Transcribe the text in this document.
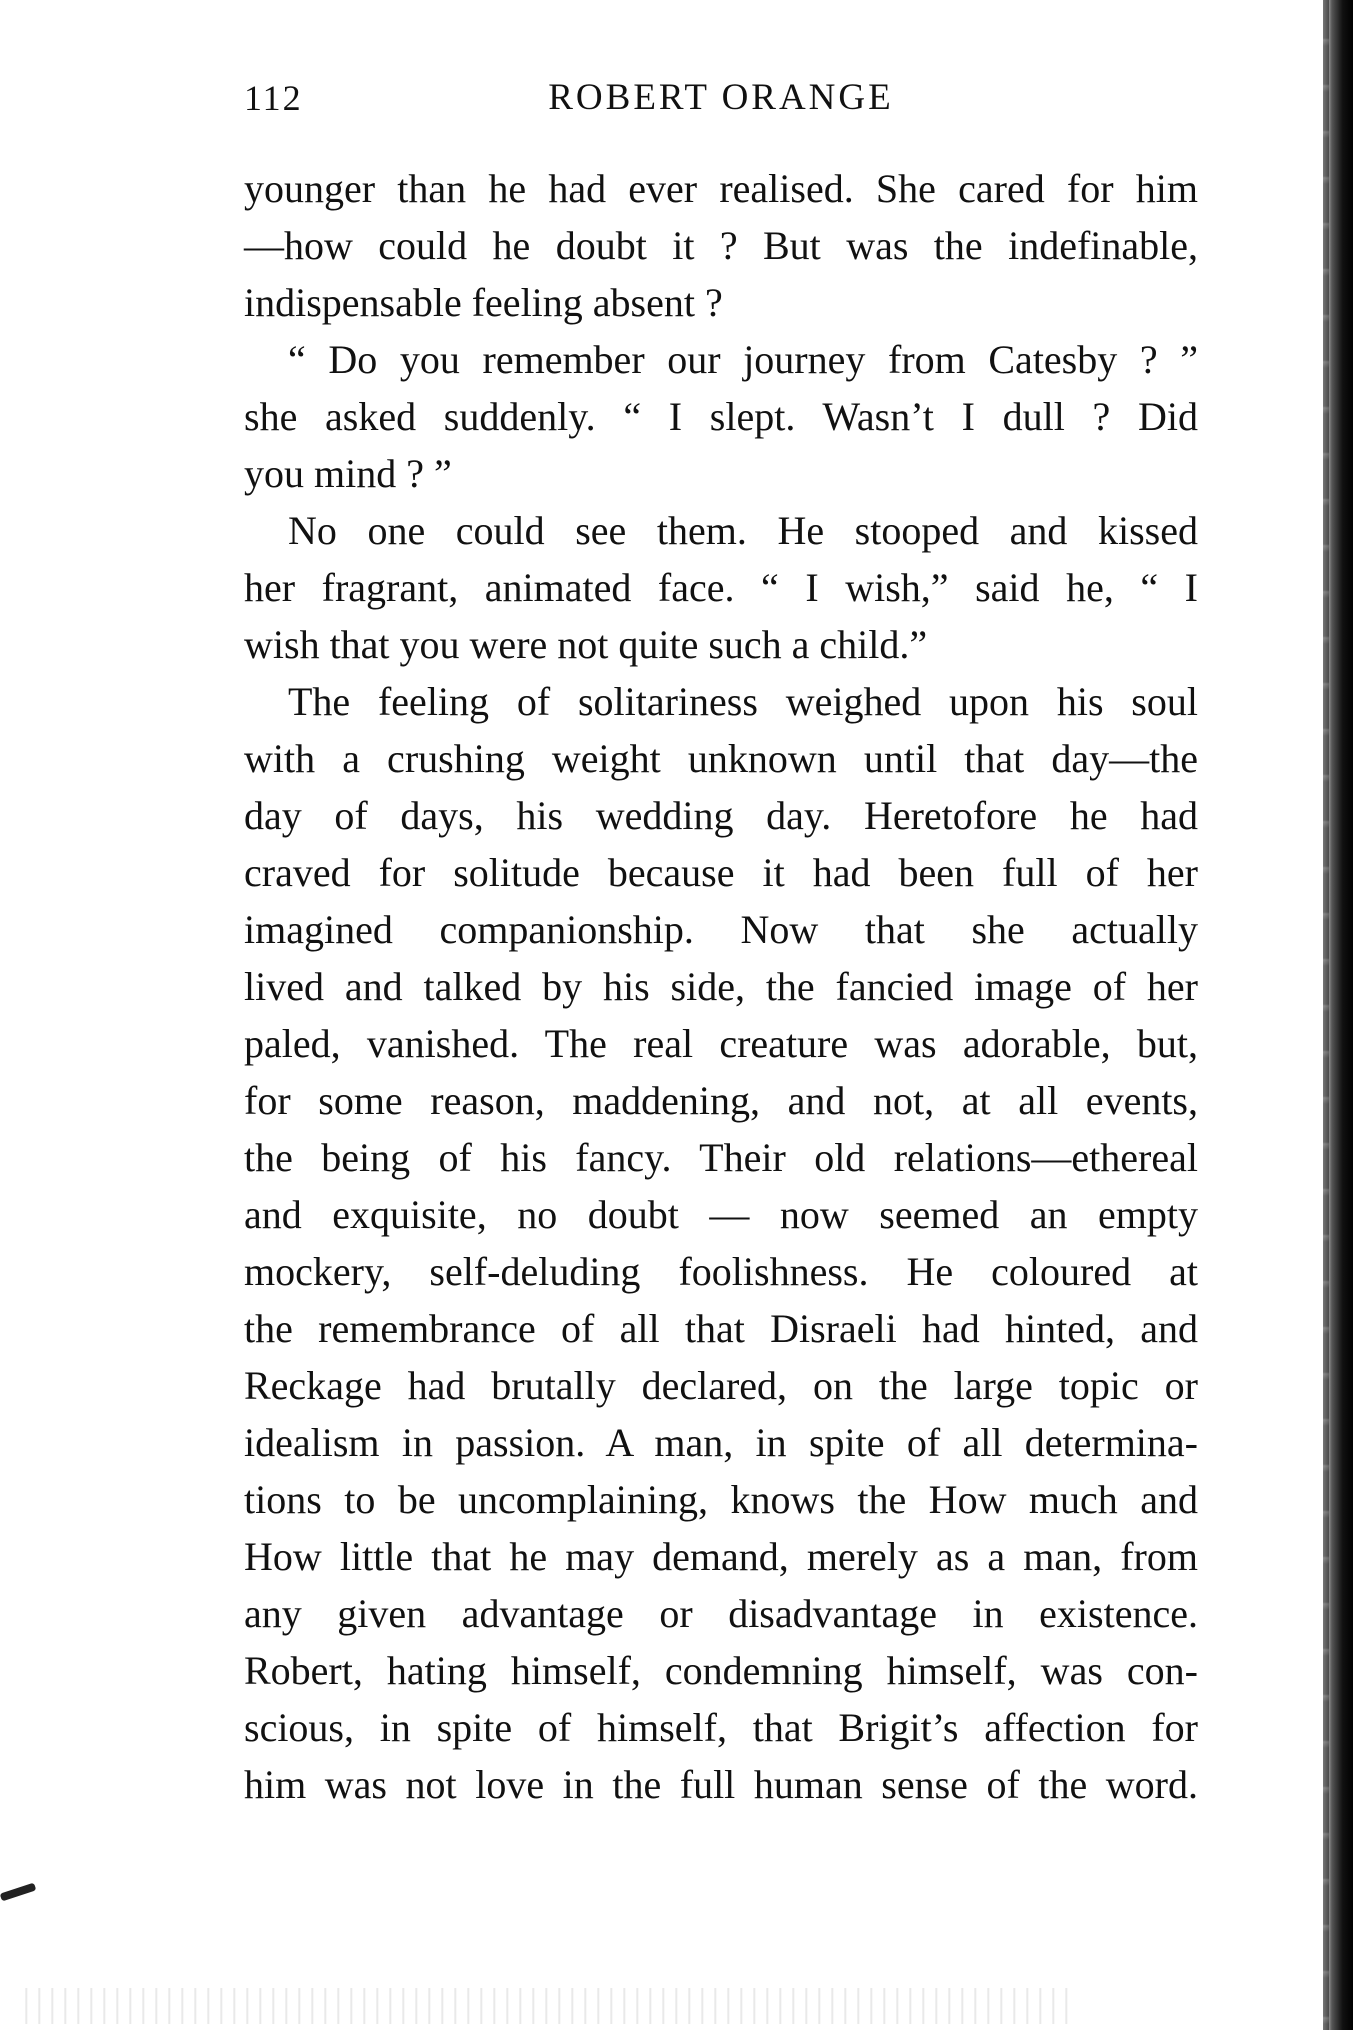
112	ROBERT ORANGE
younger than he had ever realised. She cared for him
—how could he doubt it ? But was the indefinable,
indispensable feeling absent ?
“ Do you remember our journey from Catesby ? ”
she asked suddenly. “ I slept. Wasn’t I dull ? Did
you mind ? ”
No one could see them. He stooped and kissed
her fragrant, animated face. “ I wish,” said he, “ I
wish that you were not quite such a child.”
The feeling of solitariness weighed upon his soul
with a crushing weight unknown until that day—the
day of days, his wedding day. Heretofore he had
craved for solitude because it had been full of her
imagined companionship. Now that she actually
lived and talked by his side, the fancied image of her
paled, vanished. The real creature was adorable, but,
for some reason, maddening, and not, at all events,
the being of his fancy. Their old relations—ethereal
and exquisite, no doubt — now seemed an empty
mockery, self-deluding foolishness. He coloured at
the remembrance of all that Disraeli had hinted, and
Reckage had brutally declared, on the large topic or
idealism in passion. A man, in spite of all determina-
tions to be uncomplaining, knows the How much and
How little that he may demand, merely as a man, from
any given advantage or disadvantage in existence.
Robert, hating himself, condemning himself, was con-
scious, in spite of himself, that Brigit’s affection for
him was not love in the full human sense of the word.
